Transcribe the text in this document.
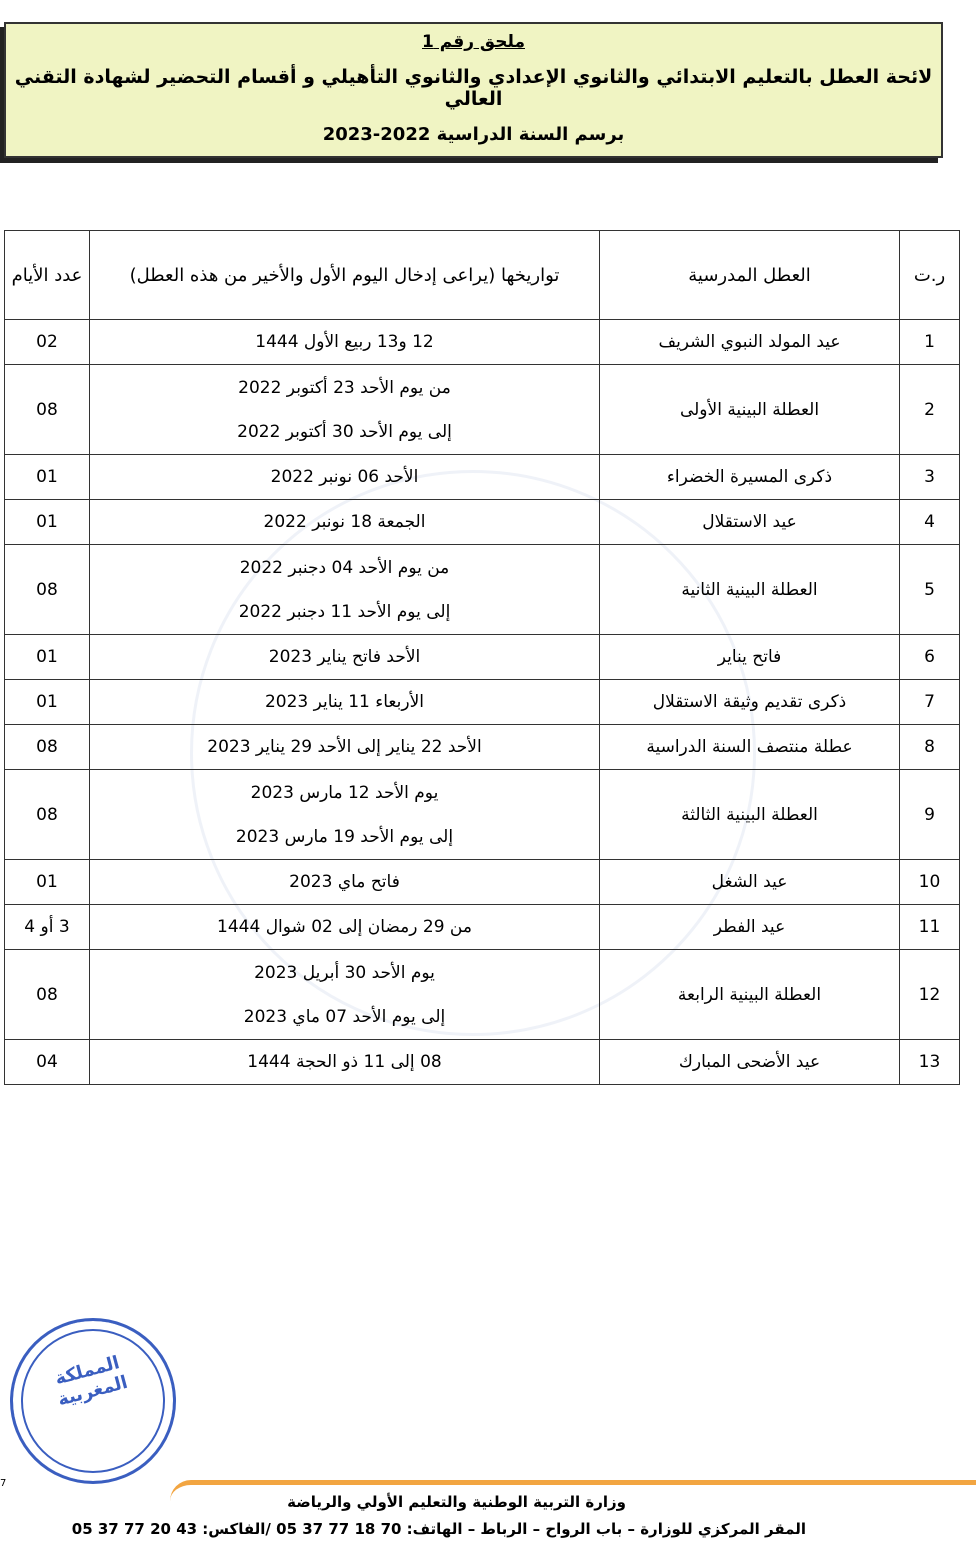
ملحق رقم 1
لائحة العطل بالتعليم الابتدائي والثانوي الإعدادي والثانوي التأهيلي و أقسام التحضير لشهادة التقني العالي
برسم السنة الدراسية 2022-2023
ر.ت	العطل المدرسية	تواريخها (يراعى إدخال اليوم الأول والأخير من هذه العطل)	عدد الأيام
1	عيد المولد النبوي الشريف	12 و13 ربيع الأول 1444	02
2	العطلة البينية الأولى	من يوم الأحد 23 أكتوبر 2022
إلى يوم الأحد 30 أكتوبر 2022	08
3	ذكرى المسيرة الخضراء	الأحد 06 نونبر 2022	01
4	عيد الاستقلال	الجمعة 18 نونبر 2022	01
5	العطلة البينية الثانية	من يوم الأحد 04 دجنبر 2022
إلى يوم الأحد 11 دجنبر 2022	08
6	فاتح يناير	الأحد فاتح يناير 2023	01
7	ذكرى تقديم وثيقة الاستقلال	الأربعاء 11 يناير 2023	01
8	عطلة منتصف السنة الدراسية	الأحد 22 يناير إلى الأحد 29 يناير 2023	08
9	العطلة البينية الثالثة	يوم الأحد 12 مارس 2023
إلى يوم الأحد 19 مارس 2023	08
10	عيد الشغل	فاتح ماي 2023	01
11	عيد الفطر	من 29 رمضان إلى 02 شوال 1444	3 أو 4
12	العطلة البينية الرابعة	يوم الأحد 30 أبريل 2023
إلى يوم الأحد 07 ماي 2023	08
13	عيد الأضحى المبارك	08 إلى 11 ذو الحجة 1444	04
المملكة المغربية
7
وزارة التربية الوطنية والتعليم الأولي والرياضة
المقر المركزي للوزارة – باب الرواح – الرباط – الهاتف: 70 18 77 37 05 /الفاكس: 43 20 77 37 05
